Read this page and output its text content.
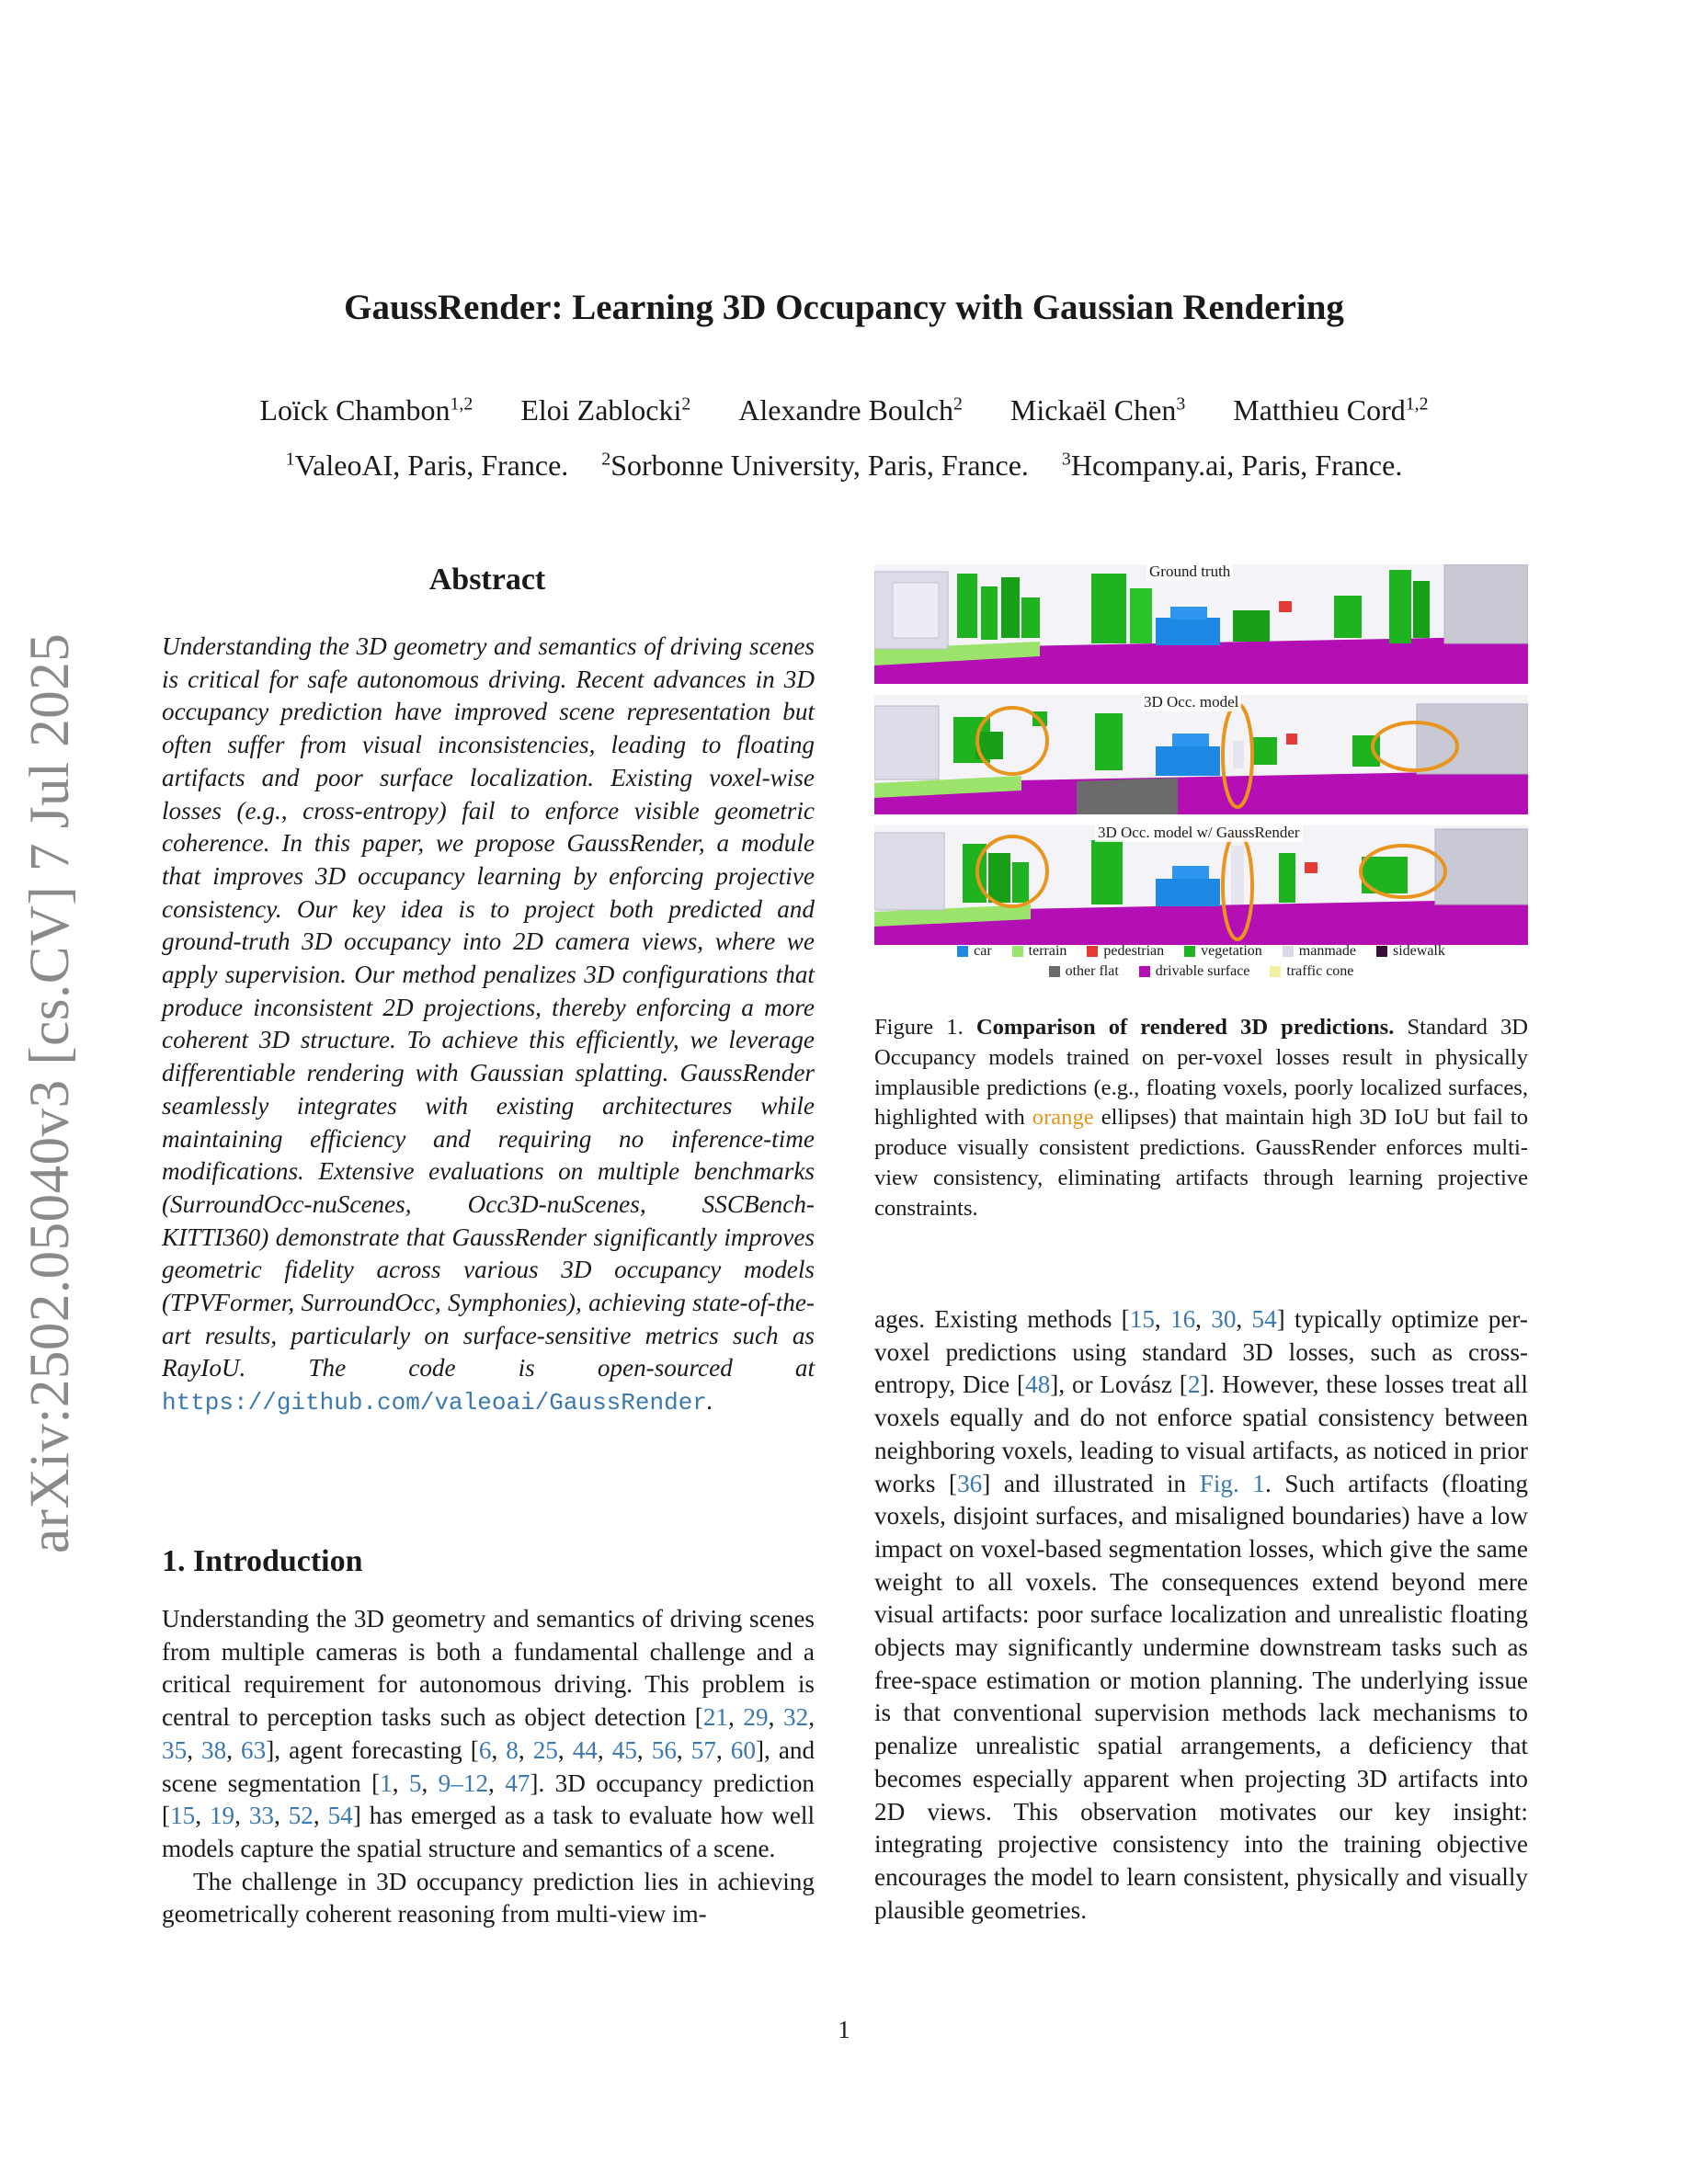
arXiv:2502.05040v3 [cs.CV] 7 Jul 2025
GaussRender: Learning 3D Occupancy with Gaussian Rendering
Loïck Chambon$^{1,2}$ Eloi Zablocki$^2$ Alexandre Boulch$^2$ Mickaël Chen$^3$ Matthieu Cord$^{1,2}$
$^1$ValeoAI, Paris, France. $^2$Sorbonne University, Paris, France. $^3$Hcompany.ai, Paris, France.
Abstract
Understanding the 3D geometry and semantics of driving scenes is critical for safe autonomous driving. Recent advances in 3D occupancy prediction have improved scene representation but often suffer from visual inconsistencies, leading to floating artifacts and poor surface localization. Existing voxel-wise losses (e.g., cross-entropy) fail to enforce visible geometric coherence. In this paper, we propose GaussRender, a module that improves 3D occupancy learning by enforcing projective consistency. Our key idea is to project both predicted and ground-truth 3D occupancy into 2D camera views, where we apply supervision. Our method penalizes 3D configurations that produce inconsistent 2D projections, thereby enforcing a more coherent 3D structure. To achieve this efficiently, we leverage differentiable rendering with Gaussian splatting. GaussRender seamlessly integrates with existing architectures while maintaining efficiency and requiring no inference-time modifications. Extensive evaluations on multiple benchmarks (SurroundOcc-nuScenes, Occ3D-nuScenes, SSCBench-KITTI360) demonstrate that GaussRender significantly improves geometric fidelity across various 3D occupancy models (TPVFormer, SurroundOcc, Symphonies), achieving state-of-the-art results, particularly on surface-sensitive metrics such as RayIoU. The code is open-sourced at https://github.com/valeoai/GaussRender.
1. Introduction

Understanding the 3D geometry and semantics of driving scenes from multiple cameras is both a fundamental challenge and a critical requirement for autonomous driving. This problem is central to perception tasks such as object detection [21, 29, 32, 35, 38, 63], agent forecasting [6, 8, 25, 44, 45, 56, 57, 60], and scene segmentation [1, 5, 9–12, 47]. 3D occupancy prediction [15, 19, 33, 52, 54] has emerged as a task to evaluate how well models capture the spatial structure and semantics of a scene.

The challenge in 3D occupancy prediction lies in achieving geometrically coherent reasoning from multi-view im-

Ground truth
3D Occ. model
3D Occ. model w/ GaussRender
car	terrain	pedestrian	vegetation	manmade	sidewalk
other flat	drivable surface	traffic cone
Figure 1. Comparison of rendered 3D predictions. Standard 3D Occupancy models trained on per-voxel losses result in physically implausible predictions (e.g., floating voxels, poorly localized surfaces, highlighted with orange ellipses) that maintain high 3D IoU but fail to produce visually consistent predictions. GaussRender enforces multi-view consistency, eliminating artifacts through learning projective constraints.
ages. Existing methods [15, 16, 30, 54] typically optimize per-voxel predictions using standard 3D losses, such as cross-entropy, Dice [48], or Lovász [2]. However, these losses treat all voxels equally and do not enforce spatial consistency between neighboring voxels, leading to visual artifacts, as noticed in prior works [36] and illustrated in Fig. 1. Such artifacts (floating voxels, disjoint surfaces, and misaligned boundaries) have a low impact on voxel-based segmentation losses, which give the same weight to all voxels. The consequences extend beyond mere visual artifacts: poor surface localization and unrealistic floating objects may significantly undermine downstream tasks such as free-space estimation or motion planning. The underlying issue is that conventional supervision methods lack mechanisms to penalize unrealistic spatial arrangements, a deficiency that becomes especially apparent when projecting 3D artifacts into 2D views. This observation motivates our key insight: integrating projective consistency into the training objective encourages the model to learn consistent, physically and visually plausible geometries.
1
